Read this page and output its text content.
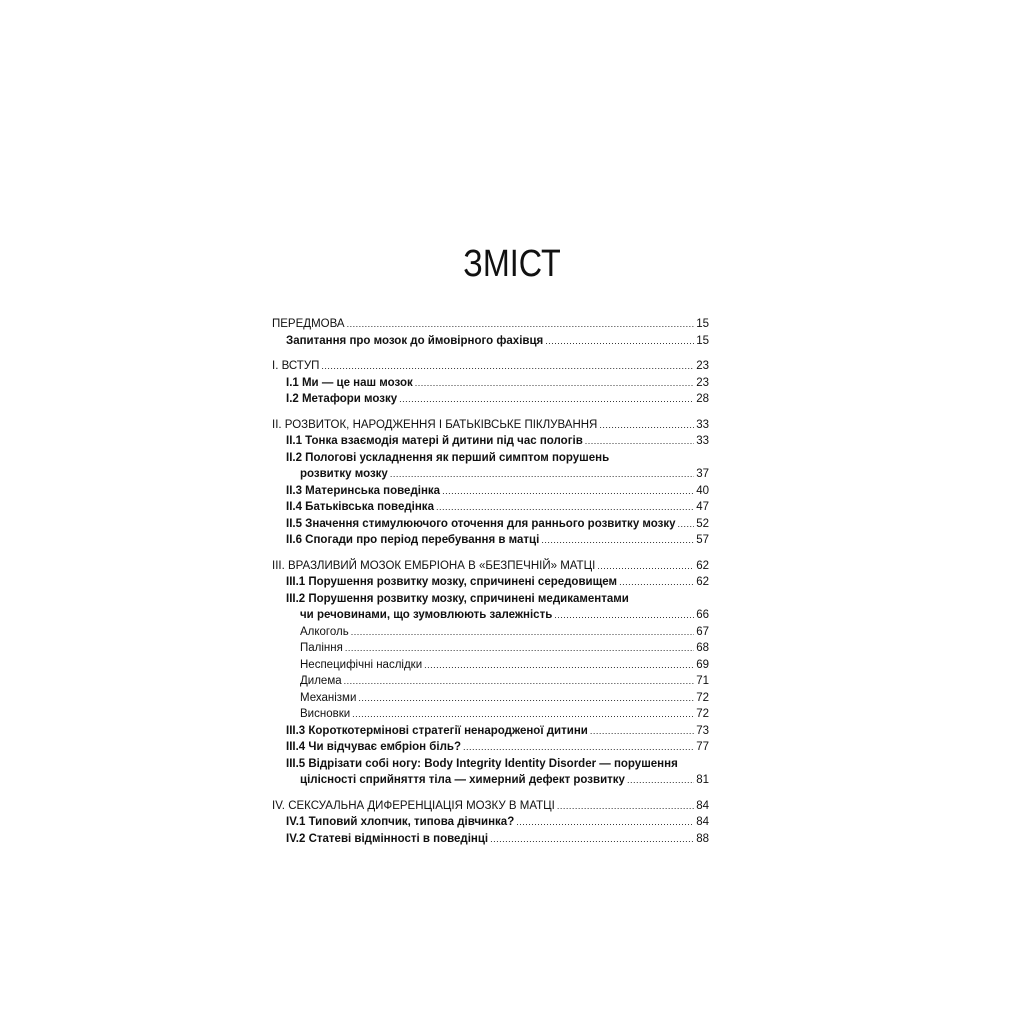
ЗМІСТ
ПЕРЕДМОВА .....	15
Запитання про мозок до ймовірного фахівця .....	15
I. ВСТУП .....	23
I.1 Ми — це наш мозок .....	23
I.2 Метафори мозку .....	28
II. РОЗВИТОК, НАРОДЖЕННЯ І БАТЬКІВСЬКЕ ПІКЛУВАННЯ .....	33
II.1 Тонка взаємодія матері й дитини під час пологів .....	33
II.2 Пологові ускладнення як перший симптом порушень
розвитку мозку .....	37
II.3 Материнська поведінка .....	40
II.4 Батьківська поведінка .....	47
II.5 Значення стимулюючого оточення для раннього розвитку мозку ..... 52
II.6 Спогади про період перебування в матці .....	57
III. ВРАЗЛИВИЙ МОЗОК ЕМБРІОНА В «БЕЗПЕЧНІЙ» МАТЦІ .....	62
III.1 Порушення розвитку мозку, спричинені середовищем .....	62
III.2 Порушення розвитку мозку, спричинені медикаментами
чи речовинами, що зумовлюють залежність .....	66
Алкоголь .....	67
Паління .....	68
Неспецифічні наслідки .....	69
Дилема .....	71
Механізми .....	72
Висновки .....	72
III.3 Короткотермінові стратегії ненародженої дитини .....	73
III.4 Чи відчуває ембріон біль? .....	77
III.5 Відрізати собі ногу: Body Integrity Identity Disorder — порушення
цілісності сприйняття тіла — химерний дефект розвитку .....	81
IV. СЕКСУАЛЬНА ДИФЕРЕНЦІАЦІЯ МОЗКУ В МАТЦІ .....	84
IV.1 Типовий хлопчик, типова дівчинка? .....	84
IV.2 Статеві відмінності в поведінці .....	88
